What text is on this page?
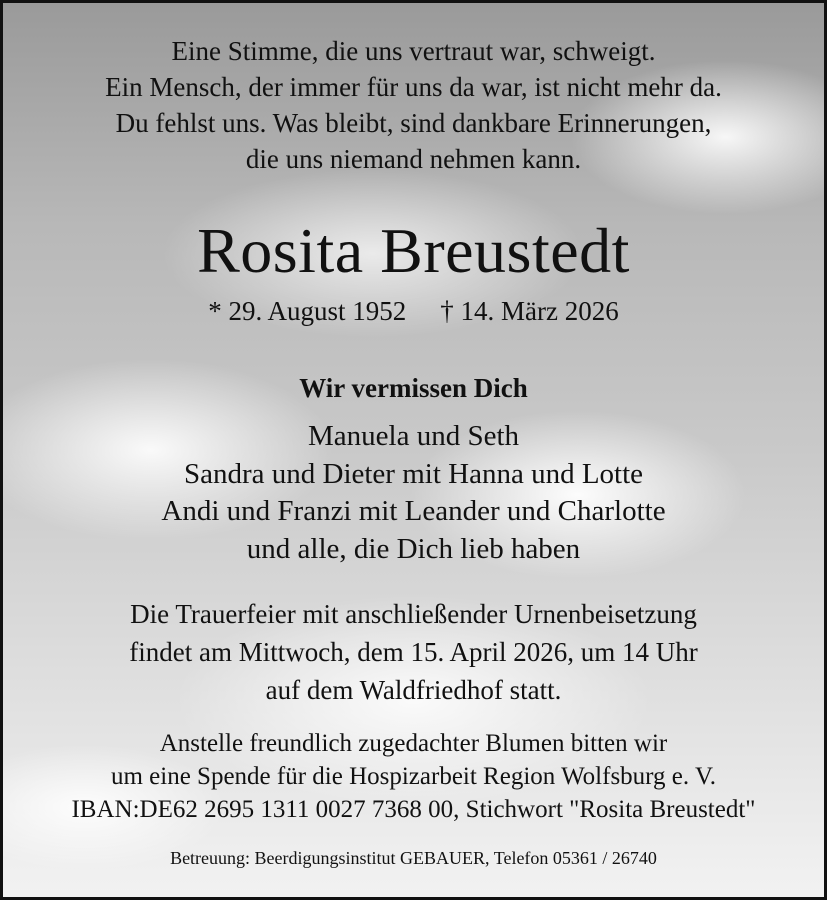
Eine Stimme, die uns vertraut war, schweigt.
Ein Mensch, der immer für uns da war, ist nicht mehr da.
Du fehlst uns. Was bleibt, sind dankbare Erinnerungen,
die uns niemand nehmen kann.
Rosita Breustedt
* 29. August 1952 † 14. März 2026
Wir vermissen Dich
Manuela und Seth
Sandra und Dieter mit Hanna und Lotte
Andi und Franzi mit Leander und Charlotte
und alle, die Dich lieb haben
Die Trauerfeier mit anschließender Urnenbeisetzung
findet am Mittwoch, dem 15. April 2026, um 14 Uhr
auf dem Waldfriedhof statt.
Anstelle freundlich zugedachter Blumen bitten wir
um eine Spende für die Hospizarbeit Region Wolfsburg e. V.
IBAN:DE62 2695 1311 0027 7368 00, Stichwort "Rosita Breustedt"
Betreuung: Beerdigungsinstitut GEBAUER, Telefon 05361 / 26740
